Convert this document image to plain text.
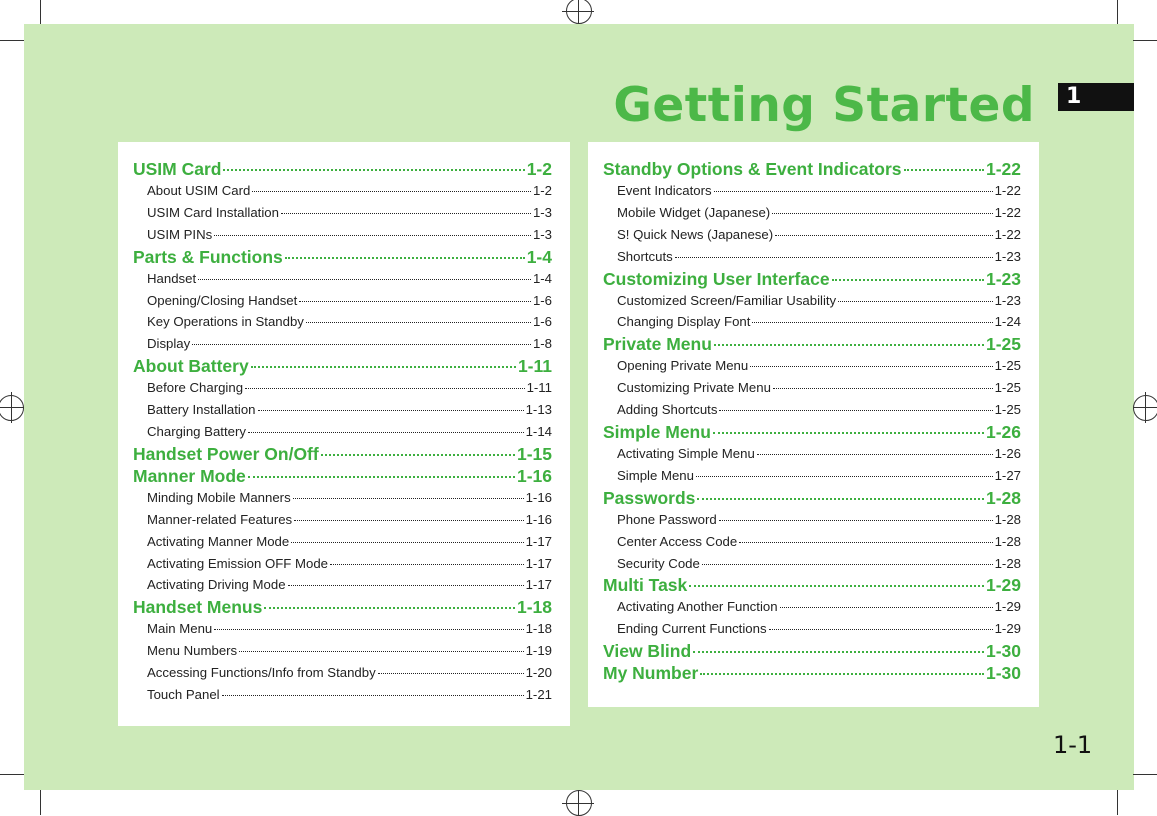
Getting Started	1
1-1
USIM Card	1-2
About USIM Card	1-2
USIM Card Installation	1-3
USIM PINs	1-3
Parts & Functions	1-4
Handset	1-4
Opening/Closing Handset	1-6
Key Operations in Standby	1-6
Display	1-8
About Battery	1-11
Before Charging	1-11
Battery Installation	1-13
Charging Battery	1-14
Handset Power On/Off	1-15
Manner Mode	1-16
Minding Mobile Manners	1-16
Manner-related Features	1-16
Activating Manner Mode	1-17
Activating Emission OFF Mode	1-17
Activating Driving Mode	1-17
Handset Menus	1-18
Main Menu	1-18
Menu Numbers	1-19
Accessing Functions/Info from Standby	1-20
Touch Panel	1-21
Standby Options & Event Indicators	1-22
Event Indicators	1-22
Mobile Widget (Japanese)	1-22
S! Quick News (Japanese)	1-22
Shortcuts	1-23
Customizing User Interface	1-23
Customized Screen/Familiar Usability	1-23
Changing Display Font	1-24
Private Menu	1-25
Opening Private Menu	1-25
Customizing Private Menu	1-25
Adding Shortcuts	1-25
Simple Menu	1-26
Activating Simple Menu	1-26
Simple Menu	1-27
Passwords	1-28
Phone Password	1-28
Center Access Code	1-28
Security Code	1-28
Multi Task	1-29
Activating Another Function	1-29
Ending Current Functions	1-29
View Blind	1-30
My Number	1-30
